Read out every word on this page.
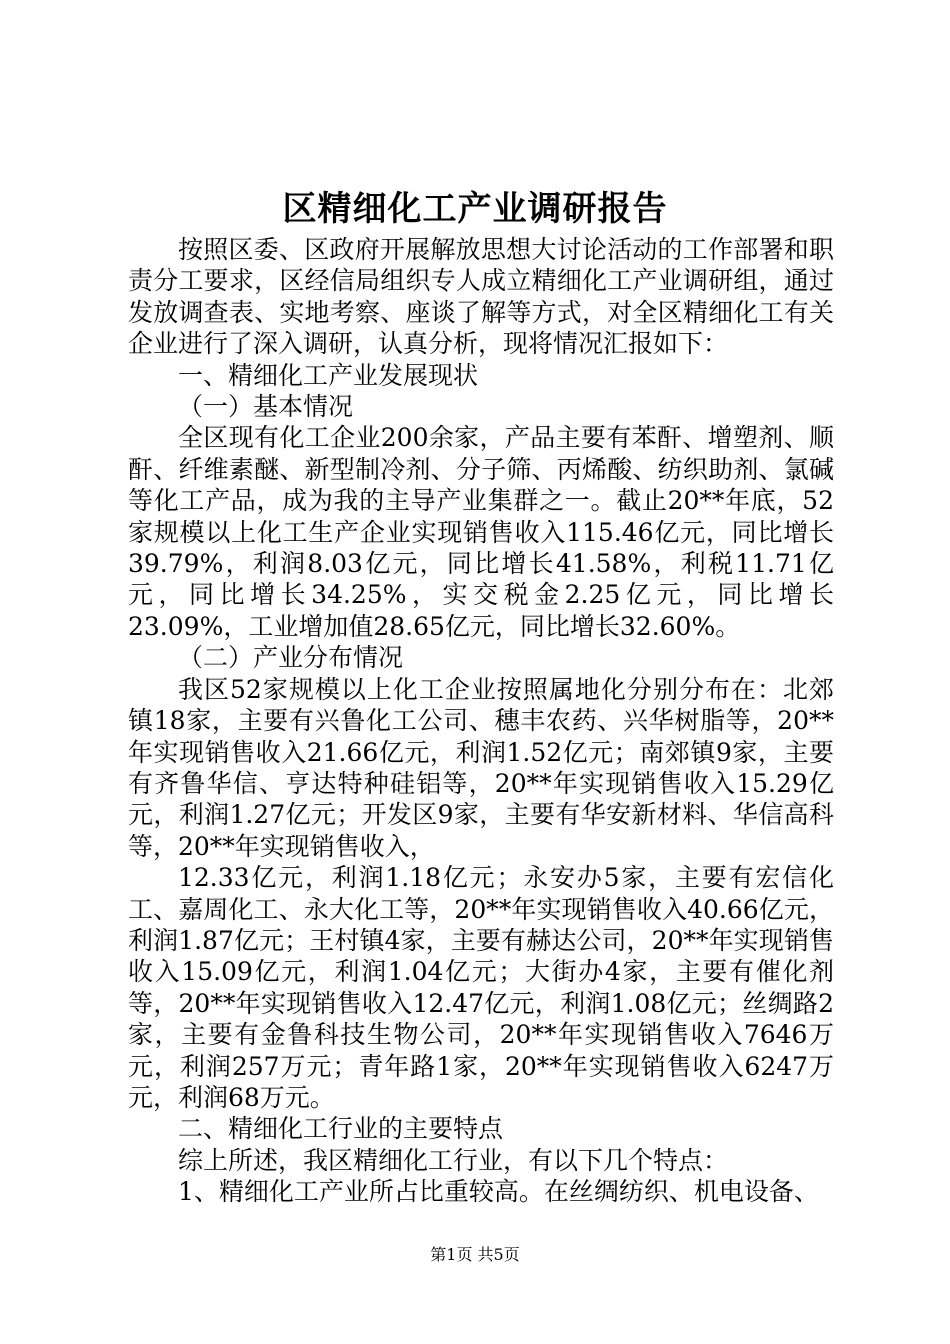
区精细化工产业调研报告

按照区委、区政府开展解放思想大讨论活动的工作部署和职责分工要求，区经信局组织专人成立精细化工产业调研组，通过发放调查表、实地考察、座谈了解等方式，对全区精细化工有关企业进行了深入调研，认真分析，现将情况汇报如下：

一、精细化工产业发展现状

（一）基本情况

全区现有化工企业200余家，产品主要有苯酐、增塑剂、顺酐、纤维素醚、新型制冷剂、分子筛、丙烯酸、纺织助剂、氯碱等化工产品，成为我的主导产业集群之一。截止20**年底，52家规模以上化工生产企业实现销售收入115.46亿元，同比增长39.79%，利润8.03亿元，同比增长41.58%，利税11.71亿元，同比增长34.25%，实交税金2.25亿元，同比增长23.09%，工业增加值28.65亿元，同比增长32.60%。

（二）产业分布情况

我区52家规模以上化工企业按照属地化分别分布在：北郊镇18家，主要有兴鲁化工公司、穗丰农药、兴华树脂等，20**年实现销售收入21.66亿元，利润1.52亿元；南郊镇9家，主要有齐鲁华信、亨达特种硅铝等，20**年实现销售收入15.29亿元，利润1.27亿元；开发区9家，主要有华安新材料、华信高科等，20**年实现销售收入，

12.33亿元，利润1.18亿元；永安办5家，主要有宏信化工、嘉周化工、永大化工等，20**年实现销售收入40.66亿元，利润1.87亿元；王村镇4家，主要有赫达公司，20**年实现销售收入15.09亿元，利润1.04亿元；大街办4家，主要有催化剂等，20**年实现销售收入12.47亿元，利润1.08亿元；丝绸路2家，主要有金鲁科技生物公司，20**年实现销售收入7646万元，利润257万元；青年路1家，20**年实现销售收入6247万元，利润68万元。

二、精细化工行业的主要特点

综上所述，我区精细化工行业，有以下几个特点：

1、精细化工产业所占比重较高。在丝绸纺织、机电设备、

第1页 共5页
